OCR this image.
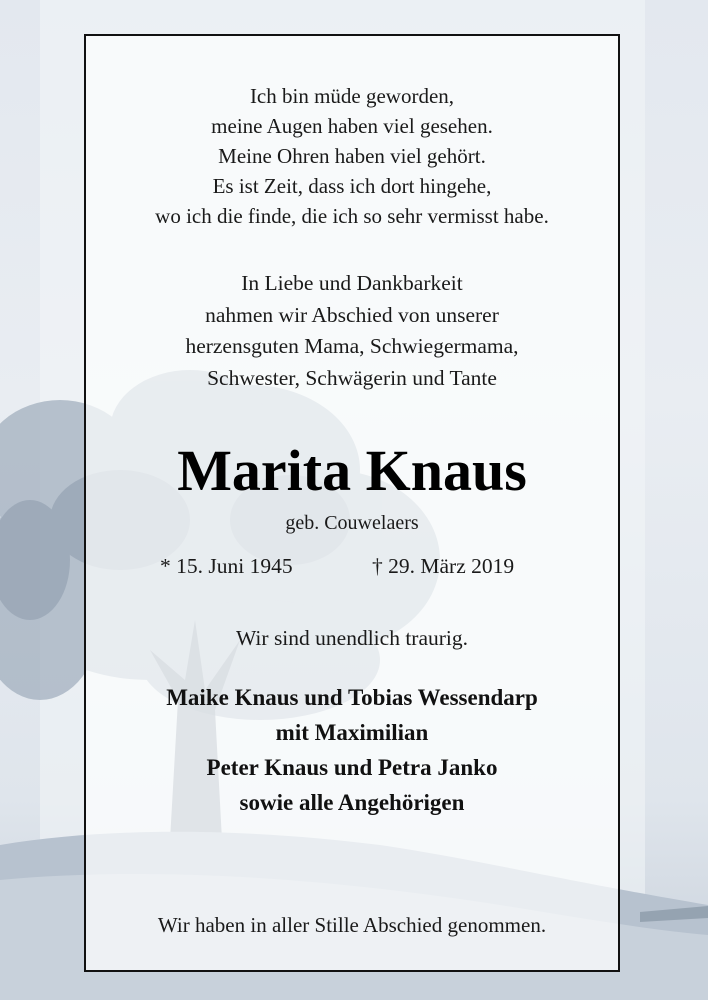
Ich bin müde geworden,
meine Augen haben viel gesehen.
Meine Ohren haben viel gehört.
Es ist Zeit, dass ich dort hingehe,
wo ich die finde, die ich so sehr vermisst habe.
In Liebe und Dankbarkeit
nahmen wir Abschied von unserer
herzensguten Mama, Schwiegermama,
Schwester, Schwägerin und Tante
Marita Knaus
geb. Couwelaers
* 15. Juni 1945	† 29. März 2019
Wir sind unendlich traurig.
Maike Knaus und Tobias Wessendarp
mit Maximilian
Peter Knaus und Petra Janko
sowie alle Angehörigen
Wir haben in aller Stille Abschied genommen.
